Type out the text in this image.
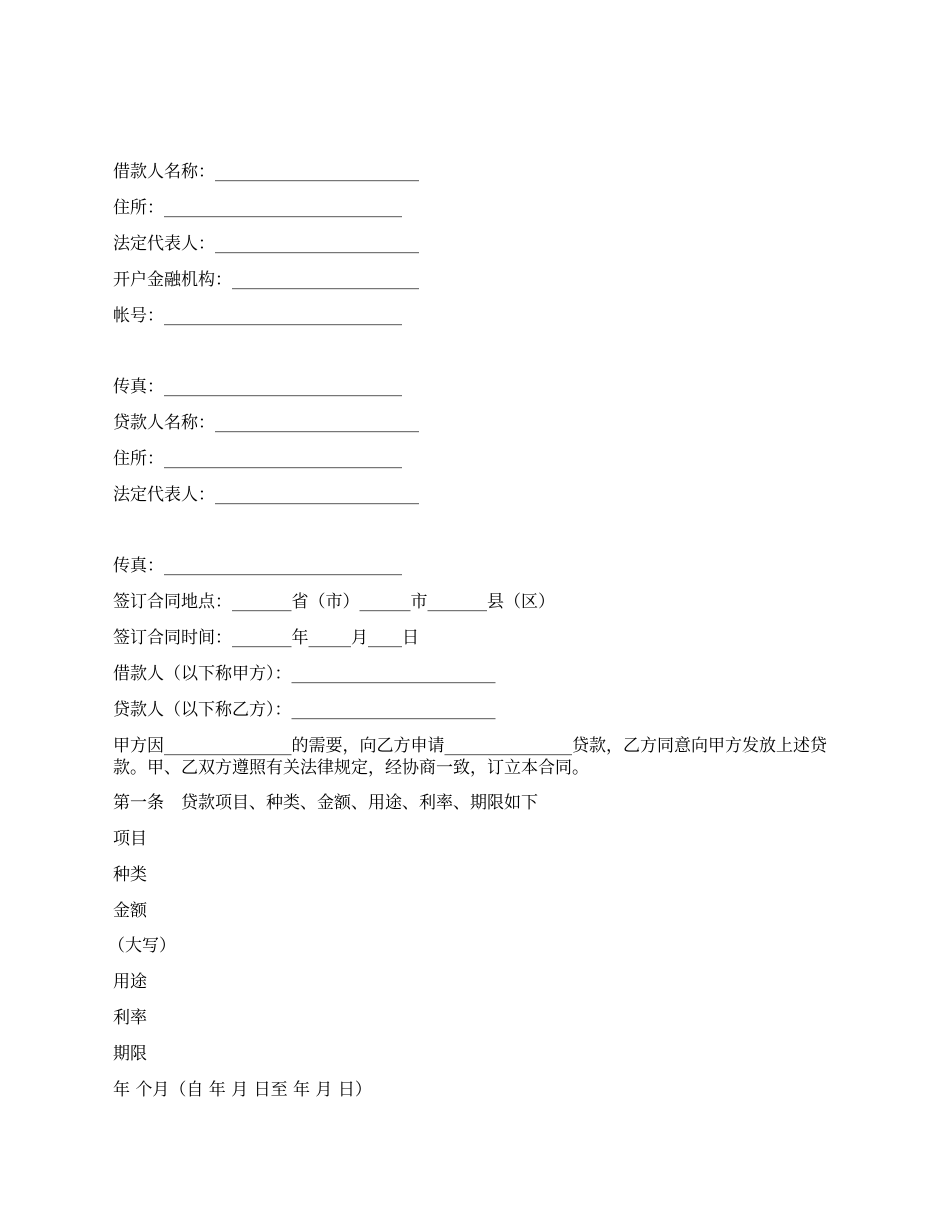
借款人名称：________________________
住所：____________________________
法定代表人：________________________
开户金融机构：______________________
帐号：____________________________
传真：____________________________
贷款人名称：________________________
住所：____________________________
法定代表人：________________________
传真：____________________________
签订合同地点：_______省（市）______市_______县（区）
签订合同时间：_______年_____月____日
借款人（以下称甲方）：________________________
贷款人（以下称乙方）：________________________
甲方因_______________的需要，向乙方申请_______________贷款，乙方同意向甲方发放上述贷款。甲、乙双方遵照有关法律规定，经协商一致，订立本合同。
第一条　贷款项目、种类、金额、用途、利率、期限如下
项目
种类
金额
（大写）
用途
利率
期限
年 个月（自 年 月 日至 年 月 日）
